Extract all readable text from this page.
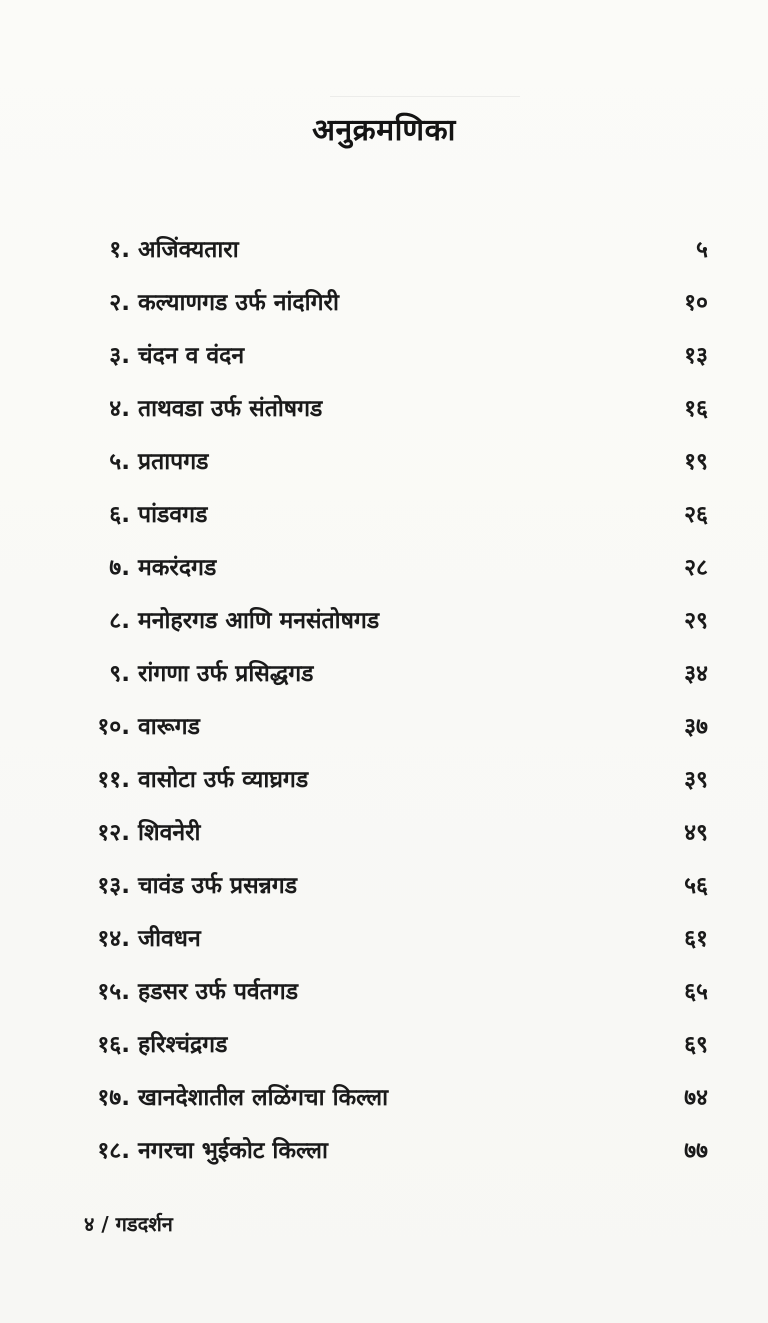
अनुक्रमणिका
१. अजिंक्यतारा	५
२. कल्याणगड उर्फ नांदगिरी	१०
३. चंदन व वंदन	१३
४. ताथवडा उर्फ संतोषगड	१६
५. प्रतापगड	१९
६. पांडवगड	२६
७. मकरंदगड	२८
८. मनोहरगड आणि मनसंतोषगड	२९
९. रांगणा उर्फ प्रसिद्धगड	३४
१०. वारूगड	३७
११. वासोटा उर्फ व्याघ्रगड	३९
१२. शिवनेरी	४९
१३. चावंड उर्फ प्रसन्नगड	५६
१४. जीवधन	६१
१५. हडसर उर्फ पर्वतगड	६५
१६. हरिश्चंद्रगड	६९
१७. खानदेशातील लळिंगचा किल्ला	७४
१८. नगरचा भुईकोट किल्ला	७७
४ / गडदर्शन
